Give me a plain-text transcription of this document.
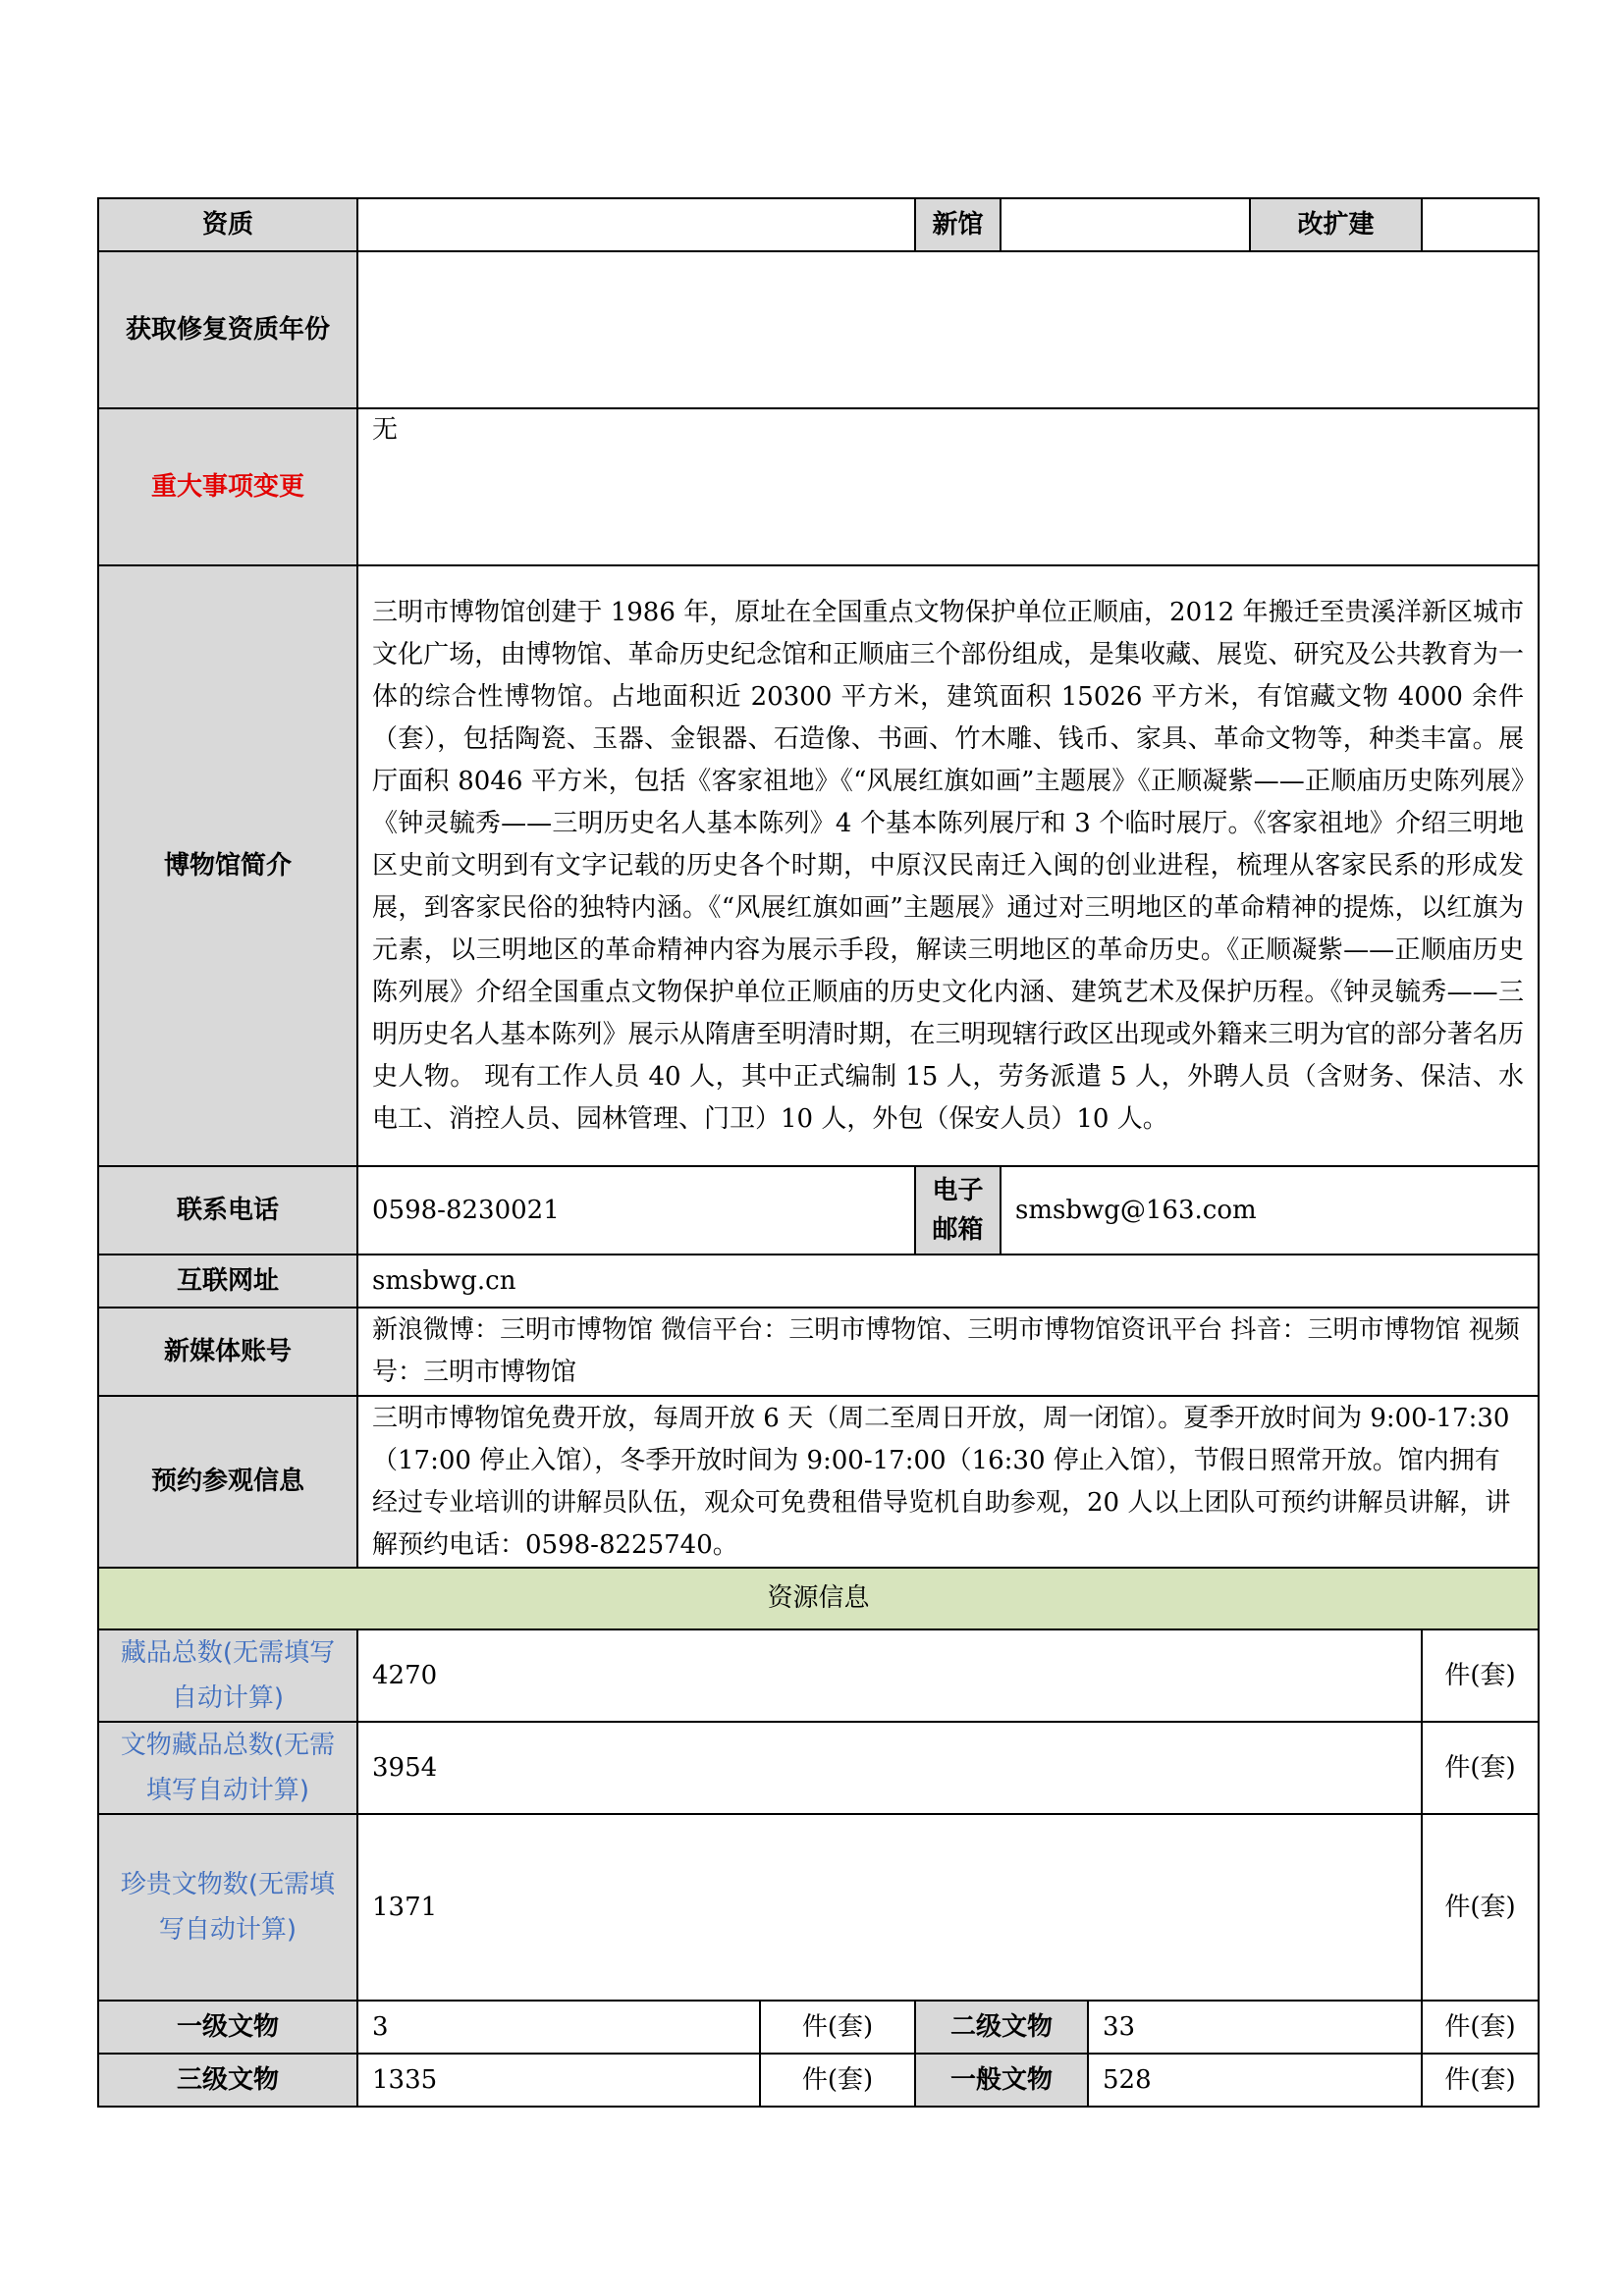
资质			新馆			改扩建	
获取修复资质年份							
重大事项变更	无						
博物馆简介	三明市博物馆创建于 1986 年，原址在全国重点文物保护单位正顺庙，2012 年搬迁至贵溪洋新区城市文化广场，由博物馆、革命历史纪念馆和正顺庙三个部份组成，是集收藏、展览、研究及公共教育为一体的综合性博物馆。占地面积近 20300 平方米，建筑面积 15026 平方米，有馆藏文物 4000 余件（套），包括陶瓷、玉器、金银器、石造像、书画、竹木雕、钱币、家具、革命文物等，种类丰富。展厅面积 8046 平方米，包括《客家祖地》《“风展红旗如画”主题展》《正顺凝紫——正顺庙历史陈列展》《钟灵毓秀——三明历史名人基本陈列》4 个基本陈列展厅和 3 个临时展厅。《客家祖地》介绍三明地区史前文明到有文字记载的历史各个时期，中原汉民南迁入闽的创业进程，梳理从客家民系的形成发展，到客家民俗的独特内涵。《“风展红旗如画”主题展》通过对三明地区的革命精神的提炼，以红旗为元素，以三明地区的革命精神内容为展示手段，解读三明地区的革命历史。《正顺凝紫——正顺庙历史陈列展》介绍全国重点文物保护单位正顺庙的历史文化内涵、建筑艺术及保护历程。《钟灵毓秀——三明历史名人基本陈列》展示从隋唐至明清时期，在三明现辖行政区出现或外籍来三明为官的部分著名历史人物。 现有工作人员 40 人，其中正式编制 15 人，劳务派遣 5 人，外聘人员（含财务、保洁、水电工、消控人员、园林管理、门卫）10 人，外包（保安人员）10 人。						
联系电话	0598-8230021		电子邮箱	smsbwg@163.com			
互联网址	smsbwg.cn						
新媒体账号	新浪微博：三明市博物馆 微信平台：三明市博物馆、三明市博物馆资讯平台 抖音：三明市博物馆 视频号：三明市博物馆						
预约参观信息	三明市博物馆免费开放，每周开放 6 天（周二至周日开放，周一闭馆）。夏季开放时间为 9:00-17:30（17:00 停止入馆），冬季开放时间为 9:00-17:00（16:30 停止入馆），节假日照常开放。馆内拥有经过专业培训的讲解员队伍，观众可免费租借导览机自助参观，20 人以上团队可预约讲解员讲解，讲解预约电话：0598-8225740。						
资源信息							
藏品总数(无需填写自动计算)	4270						件(套)
文物藏品总数(无需填写自动计算)	3954						件(套)
珍贵文物数(无需填写自动计算)	1371						件(套)
一级文物	3	件(套)	二级文物		33		件(套)
三级文物	1335	件(套)	一般文物		528		件(套)
